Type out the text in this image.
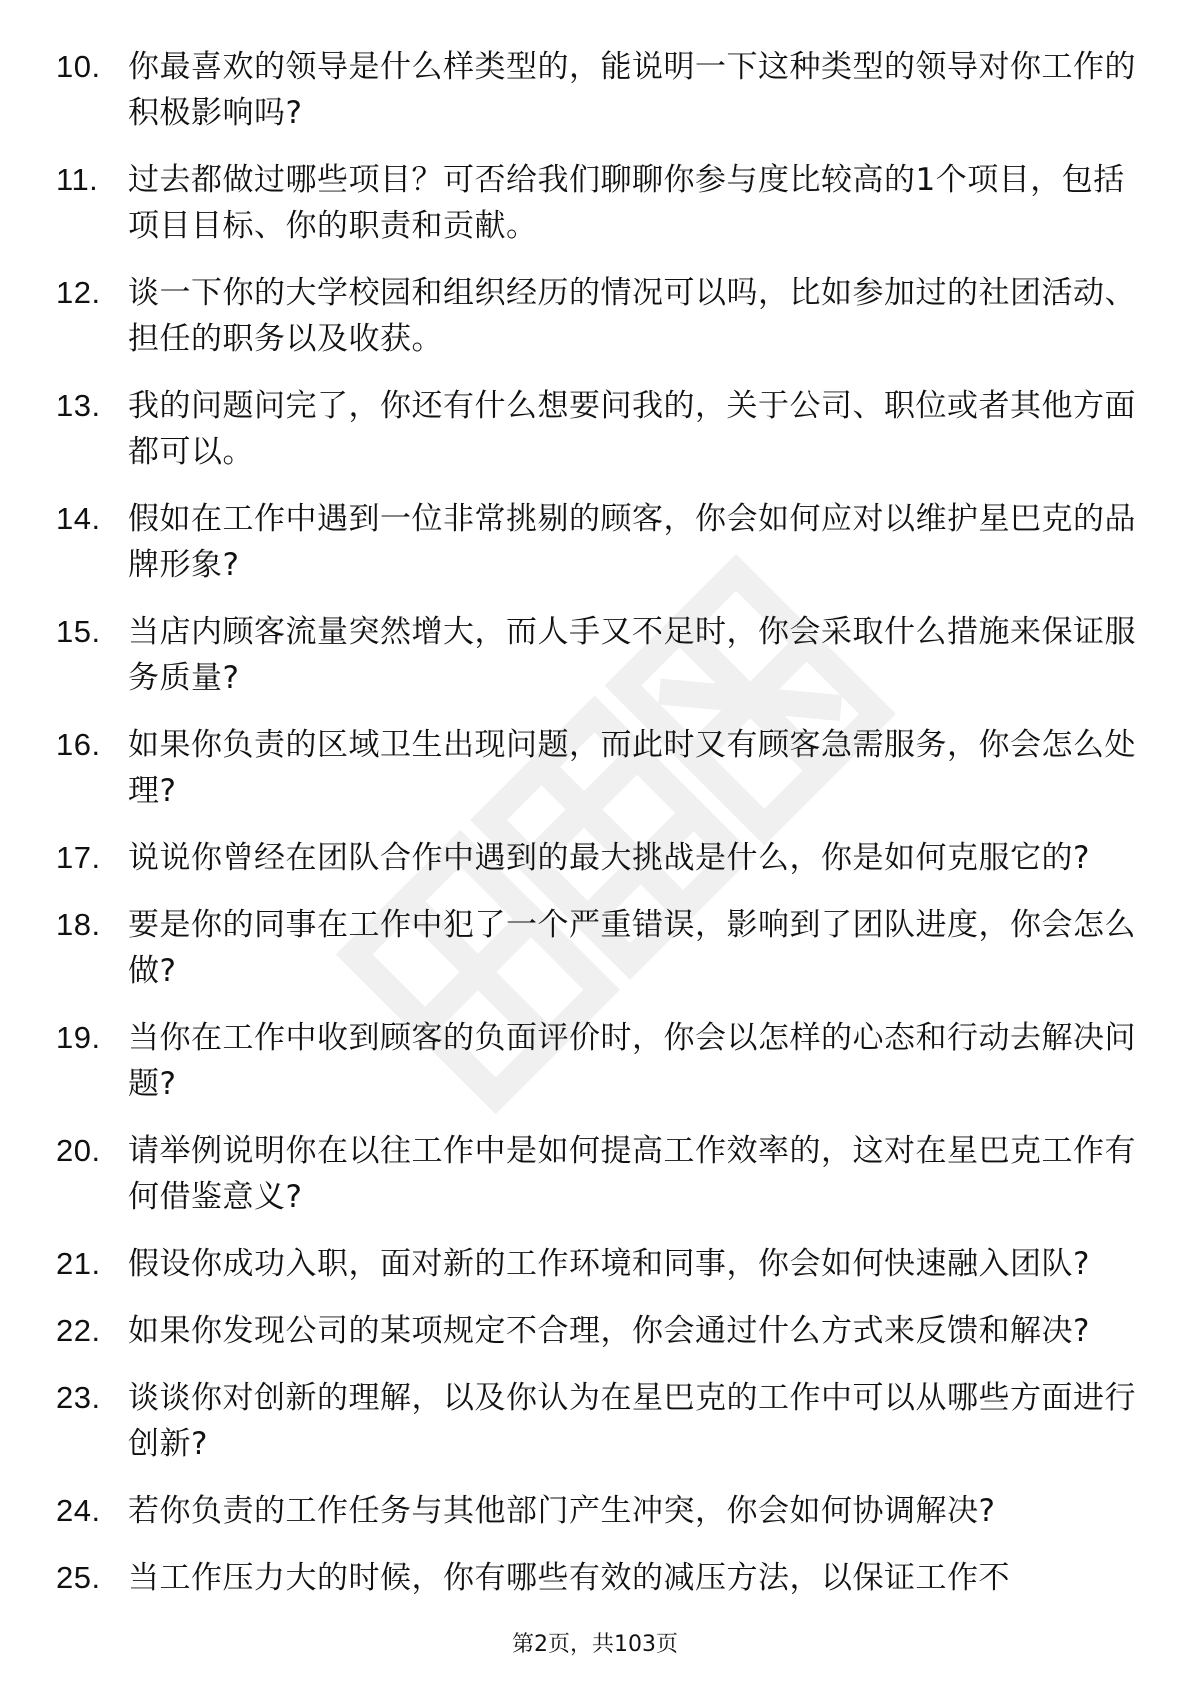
10. 你最喜欢的领导是什么样类型的，能说明一下这种类型的领导对你工作的积极影响吗?
11. 过去都做过哪些项目？可否给我们聊聊你参与度比较高的1个项目，包括项目目标、你的职责和贡献。
12. 谈一下你的大学校园和组织经历的情况可以吗，比如参加过的社团活动、担任的职务以及收获。
13. 我的问题问完了，你还有什么想要问我的，关于公司、职位或者其他方面都可以。
14. 假如在工作中遇到一位非常挑剔的顾客，你会如何应对以维护星巴克的品牌形象?
15. 当店内顾客流量突然增大，而人手又不足时，你会采取什么措施来保证服务质量?
16. 如果你负责的区域卫生出现问题，而此时又有顾客急需服务，你会怎么处理?
17. 说说你曾经在团队合作中遇到的最大挑战是什么，你是如何克服它的?
18. 要是你的同事在工作中犯了一个严重错误，影响到了团队进度，你会怎么做?
19. 当你在工作中收到顾客的负面评价时，你会以怎样的心态和行动去解决问题?
20. 请举例说明你在以往工作中是如何提高工作效率的，这对在星巴克工作有何借鉴意义?
21. 假设你成功入职，面对新的工作环境和同事，你会如何快速融入团队?
22. 如果你发现公司的某项规定不合理，你会通过什么方式来反馈和解决?
23. 谈谈你对创新的理解，以及你认为在星巴克的工作中可以从哪些方面进行创新?
24. 若你负责的工作任务与其他部门产生冲突，你会如何协调解决?
25. 当工作压力大的时候，你有哪些有效的减压方法，以保证工作不
第2页，共103页
